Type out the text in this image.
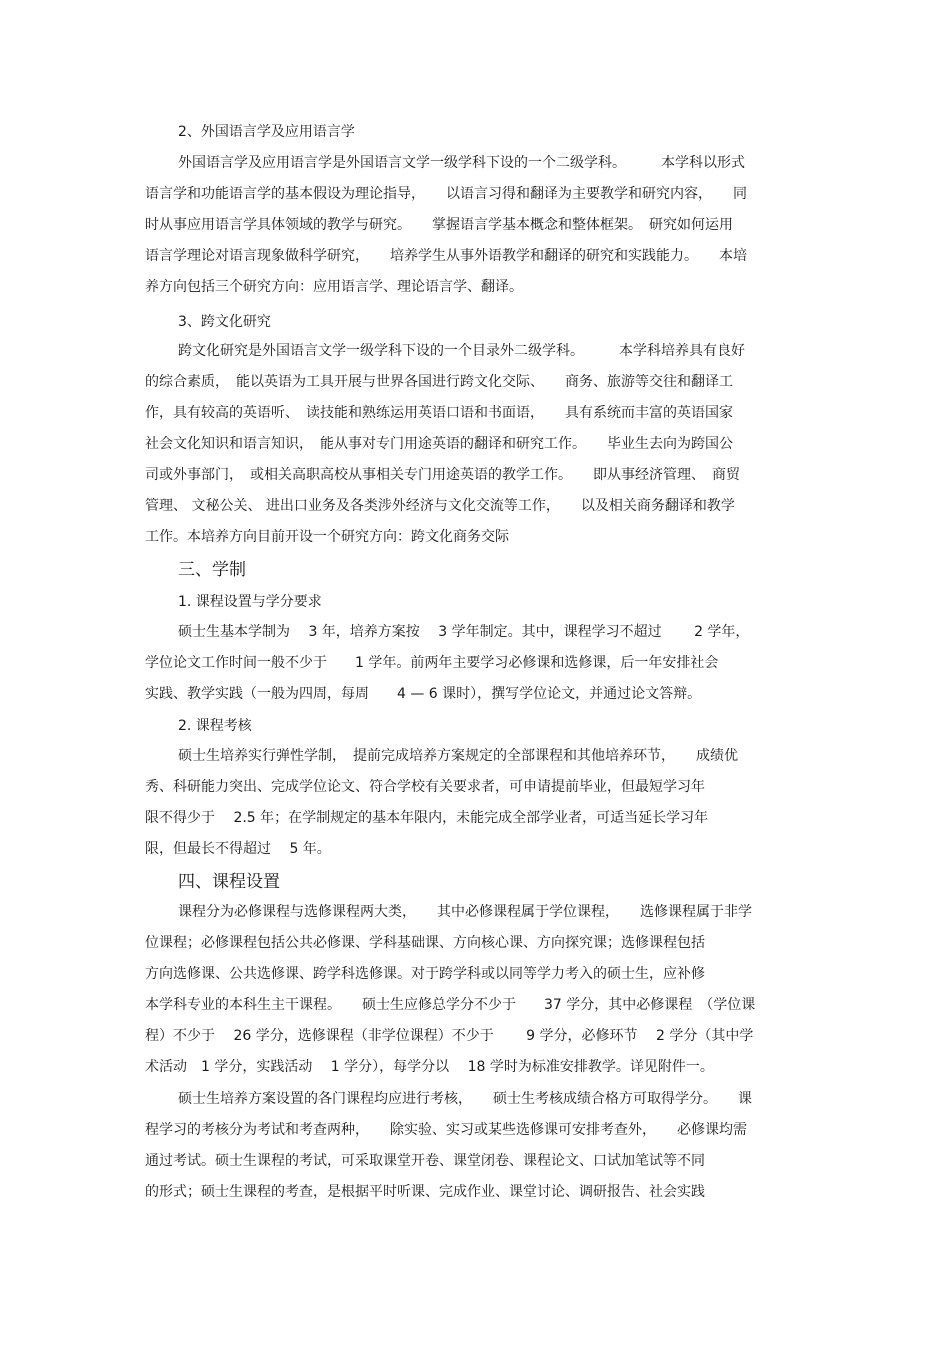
2、外国语言学及应用语言学
外国语言学及应用语言学是外国语言文学一级学科下设的一个二级学科。　　　本学科以形式
语言学和功能语言学的基本假设为理论指导，　　以语言习得和翻译为主要教学和研究内容，　　同
时从事应用语言学具体领域的教学与研究。　　掌握语言学基本概念和整体框架。　研究如何运用
语言学理论对语言现象做科学研究，　　培养学生从事外语教学和翻译的研究和实践能力。　　本培
养方向包括三个研究方向：应用语言学、理论语言学、翻译。
3、跨文化研究
跨文化研究是外国语言文学一级学科下设的一个目录外二级学科。　　　本学科培养具有良好
的综合素质，　能以英语为工具开展与世界各国进行跨文化交际、　　商务、旅游等交往和翻译工
作，具有较高的英语听、　读技能和熟练运用英语口语和书面语，　　具有系统而丰富的英语国家
社会文化知识和语言知识，　能从事对专门用途英语的翻译和研究工作。　　毕业生去向为跨国公
司或外事部门，　或相关高职高校从事相关专门用途英语的教学工作。　　即从事经济管理、　商贸
管理、 文秘公关、 进出口业务及各类涉外经济与文化交流等工作，　　以及相关商务翻译和教学
工作。本培养方向目前开设一个研究方向：跨文化商务交际
三、学制
1. 课程设置与学分要求
硕士生基本学制为　 3 年，培养方案按　 3 学年制定。其中，课程学习不超过　　 2 学年，
学位论文工作时间一般不少于　　1 学年。前两年主要学习必修课和选修课，后一年安排社会
实践、教学实践（一般为四周，每周　　4 — 6 课时），撰写学位论文，并通过论文答辩。
2. 课程考核
硕士生培养实行弹性学制，　提前完成培养方案规定的全部课程和其他培养环节，　　成绩优
秀、科研能力突出、完成学位论文、符合学校有关要求者，可申请提前毕业，但最短学习年
限不得少于　 2.5 年；在学制规定的基本年限内，未能完成全部学业者，可适当延长学习年
限，但最长不得超过　 5 年。
四、课程设置
课程分为必修课程与选修课程两大类，　　其中必修课程属于学位课程，　　选修课程属于非学
位课程；必修课程包括公共必修课、学科基础课、方向核心课、方向探究课；选修课程包括
方向选修课、公共选修课、跨学科选修课。对于跨学科或以同等学力考入的硕士生，应补修
本学科专业的本科生主干课程。　　硕士生应修总学分不少于　　37 学分，其中必修课程　（学位课
程）不少于　 26 学分，选修课程（非学位课程）不少于　　 9 学分，必修环节　 2 学分（其中学
术活动　1 学分，实践活动　 1 学分），每学分以　 18 学时为标准安排教学。详见附件一。
硕士生培养方案设置的各门课程均应进行考核，　　硕士生考核成绩合格方可取得学分。　　课
程学习的考核分为考试和考查两种，　　除实验、实习或某些选修课可安排考查外，　　必修课均需
通过考试。硕士生课程的考试，可采取课堂开卷、课堂闭卷、课程论文、口试加笔试等不同
的形式；硕士生课程的考查，是根据平时听课、完成作业、课堂讨论、调研报告、社会实践
